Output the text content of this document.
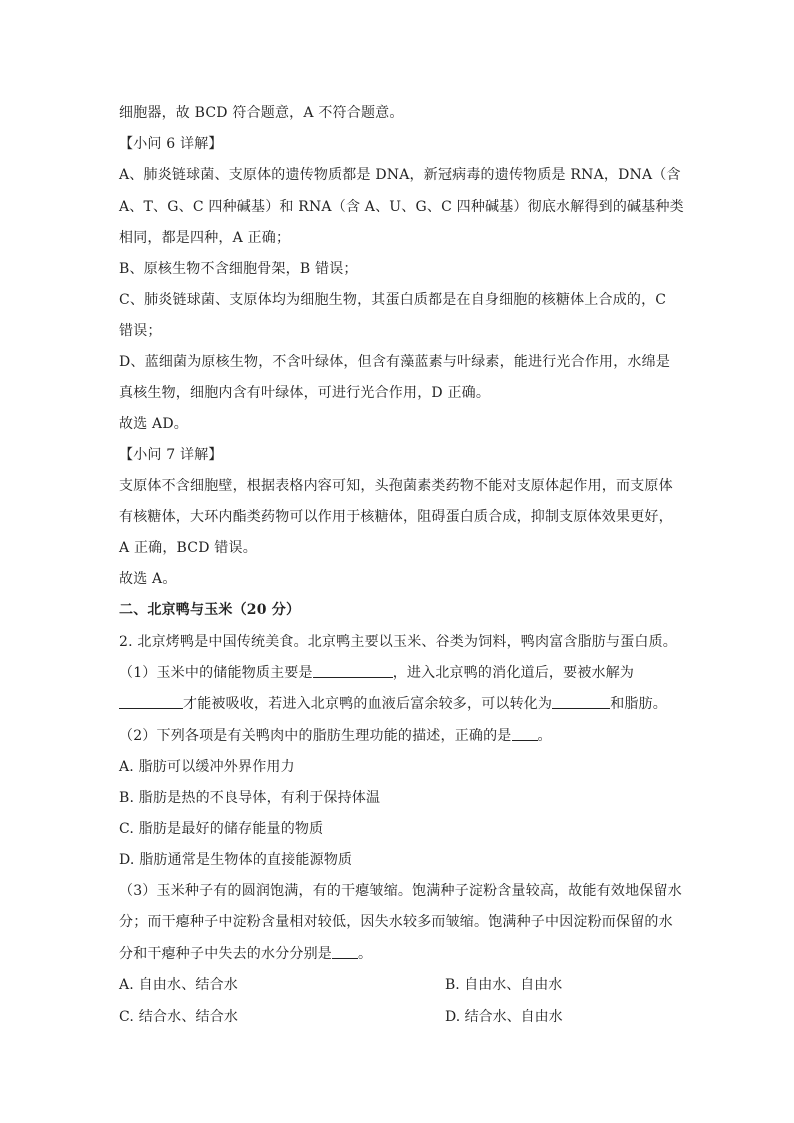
细胞器，故 BCD 符合题意，A 不符合题意。
【小问 6 详解】
A、肺炎链球菌、支原体的遗传物质都是 DNA，新冠病毒的遗传物质是 RNA，DNA（含
A、T、G、C 四种碱基）和 RNA（含 A、U、G、C 四种碱基）彻底水解得到的碱基种类
相同，都是四种，A 正确；
B、原核生物不含细胞骨架，B 错误；
C、肺炎链球菌、支原体均为细胞生物，其蛋白质都是在自身细胞的核糖体上合成的，C
错误；
D、蓝细菌为原核生物，不含叶绿体，但含有藻蓝素与叶绿素，能进行光合作用，水绵是
真核生物，细胞内含有叶绿体，可进行光合作用，D 正确。
故选 AD。
【小问 7 详解】
支原体不含细胞壁，根据表格内容可知，头孢菌素类药物不能对支原体起作用，而支原体
有核糖体，大环内酯类药物可以作用于核糖体，阻碍蛋白质合成，抑制支原体效果更好，
A 正确，BCD 错误。
故选 A。
二、北京鸭与玉米（20 分）
2. 北京烤鸭是中国传统美食。北京鸭主要以玉米、谷类为饲料，鸭肉富含脂肪与蛋白质。
（1）玉米中的储能物质主要是	，进入北京鸭的消化道后，要被水解为
才能被吸收，若进入北京鸭的血液后富余较多，可以转化为	和脂肪。
（2）下列各项是有关鸭肉中的脂肪生理功能的描述，正确的是 。
A. 脂肪可以缓冲外界作用力
B. 脂肪是热的不良导体，有利于保持体温
C. 脂肪是最好的储存能量的物质
D. 脂肪通常是生物体的直接能源物质
（3）玉米种子有的圆润饱满，有的干瘪皱缩。饱满种子淀粉含量较高，故能有效地保留水
分；而干瘪种子中淀粉含量相对较低，因失水较多而皱缩。饱满种子中因淀粉而保留的水
分和干瘪种子中失去的水分分别是 。
A. 自由水、结合水	B. 自由水、自由水
C. 结合水、结合水	D. 结合水、自由水
